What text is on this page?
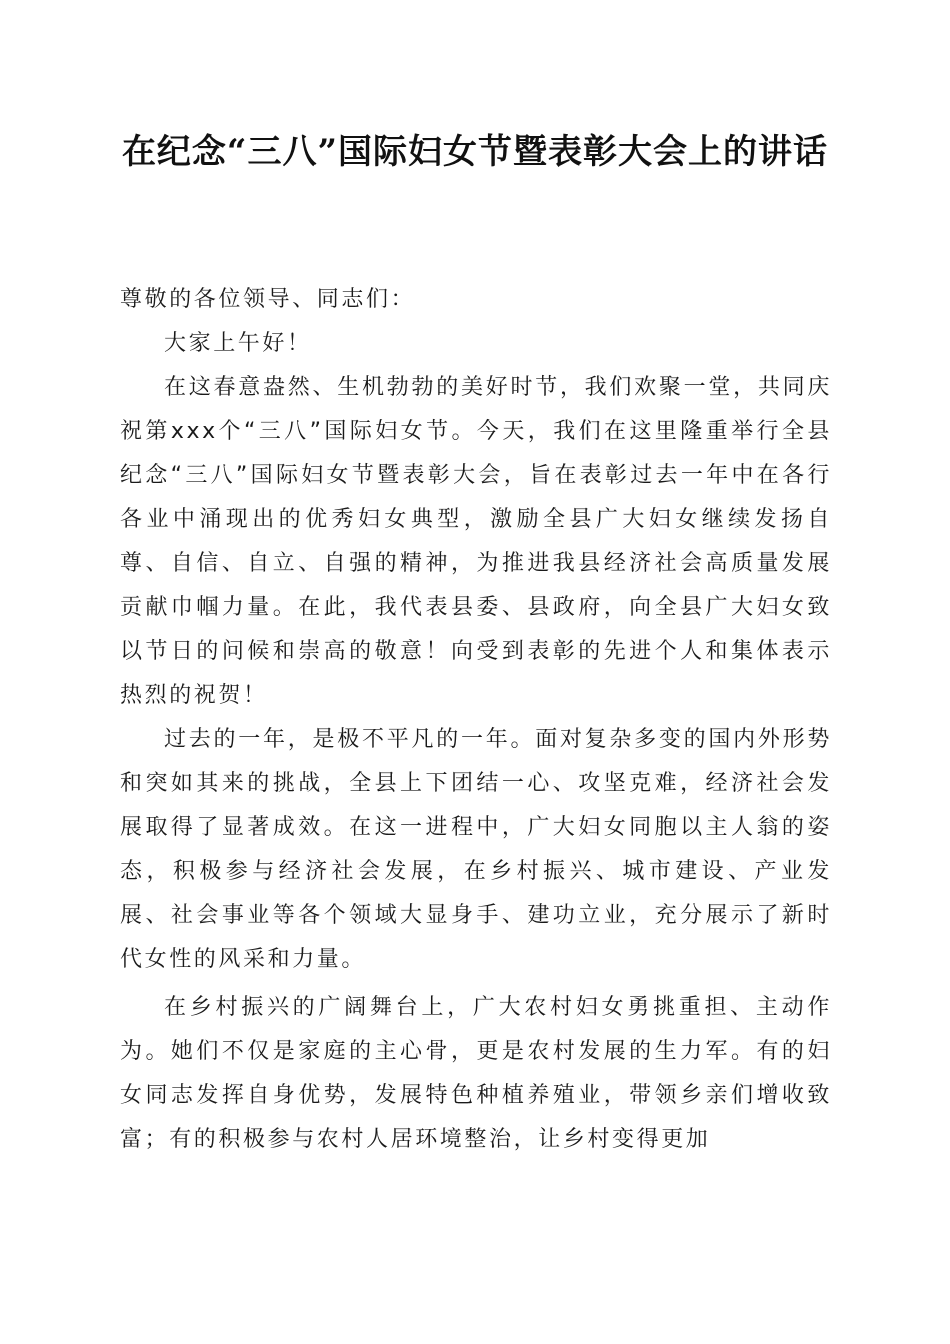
在纪念“三八”国际妇女节暨表彰大会上的讲话

尊敬的各位领导、同志们：

大家上午好！

在这春意盎然、生机勃勃的美好时节，我们欢聚一堂，共同庆祝第xxx个“三八”国际妇女节。今天，我们在这里隆重举行全县纪念“三八”国际妇女节暨表彰大会，旨在表彰过去一年中在各行各业中涌现出的优秀妇女典型，激励全县广大妇女继续发扬自尊、自信、自立、自强的精神，为推进我县经济社会高质量发展贡献巾帼力量。在此，我代表县委、县政府，向全县广大妇女致以节日的问候和崇高的敬意！向受到表彰的先进个人和集体表示热烈的祝贺！

过去的一年，是极不平凡的一年。面对复杂多变的国内外形势和突如其来的挑战，全县上下团结一心、攻坚克难，经济社会发展取得了显著成效。在这一进程中，广大妇女同胞以主人翁的姿态，积极参与经济社会发展，在乡村振兴、城市建设、产业发展、社会事业等各个领域大显身手、建功立业，充分展示了新时代女性的风采和力量。

在乡村振兴的广阔舞台上，广大农村妇女勇挑重担、主动作为。她们不仅是家庭的主心骨，更是农村发展的生力军。有的妇女同志发挥自身优势，发展特色种植养殖业，带领乡亲们增收致富；有的积极参与农村人居环境整治，让乡村变得更加
